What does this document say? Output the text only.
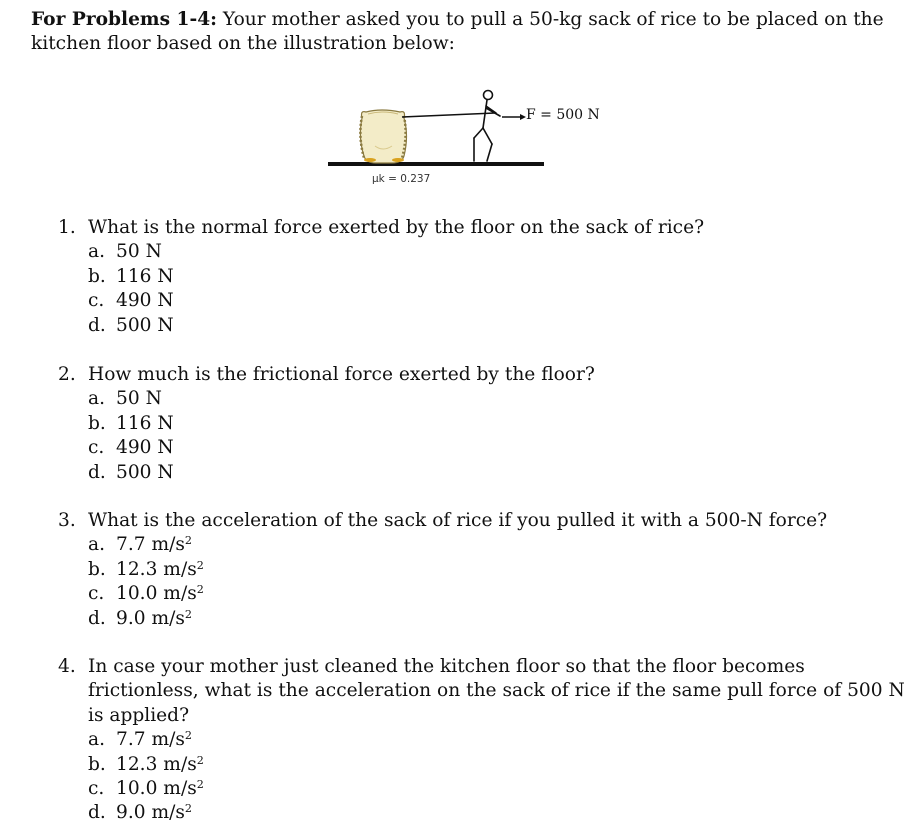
For Problems 1-4: Your mother asked you to pull a 50-kg sack of rice to be placed on the kitchen floor based on the illustration below:
F = 500 N
μk = 0.237
1. What is the normal force exerted by the floor on the sack of rice?
a. 50 N
b. 116 N
c. 490 N
d. 500 N
2. How much is the frictional force exerted by the floor?
a. 50 N
b. 116 N
c. 490 N
d. 500 N
3. What is the acceleration of the sack of rice if you pulled it with a 500-N force?
a. 7.7 $m/s^2$
b. 12.3 $m/s^2$
c. 10.0 $m/s^2$
d. 9.0 $m/s^2$
4. In case your mother just cleaned the kitchen floor so that the floor becomes frictionless, what is the acceleration on the sack of rice if the same pull force of 500 N is applied?
a. 7.7 $m/s^2$
b. 12.3 $m/s^2$
c. 10.0 $m/s^2$
d. 9.0 $m/s^2$
